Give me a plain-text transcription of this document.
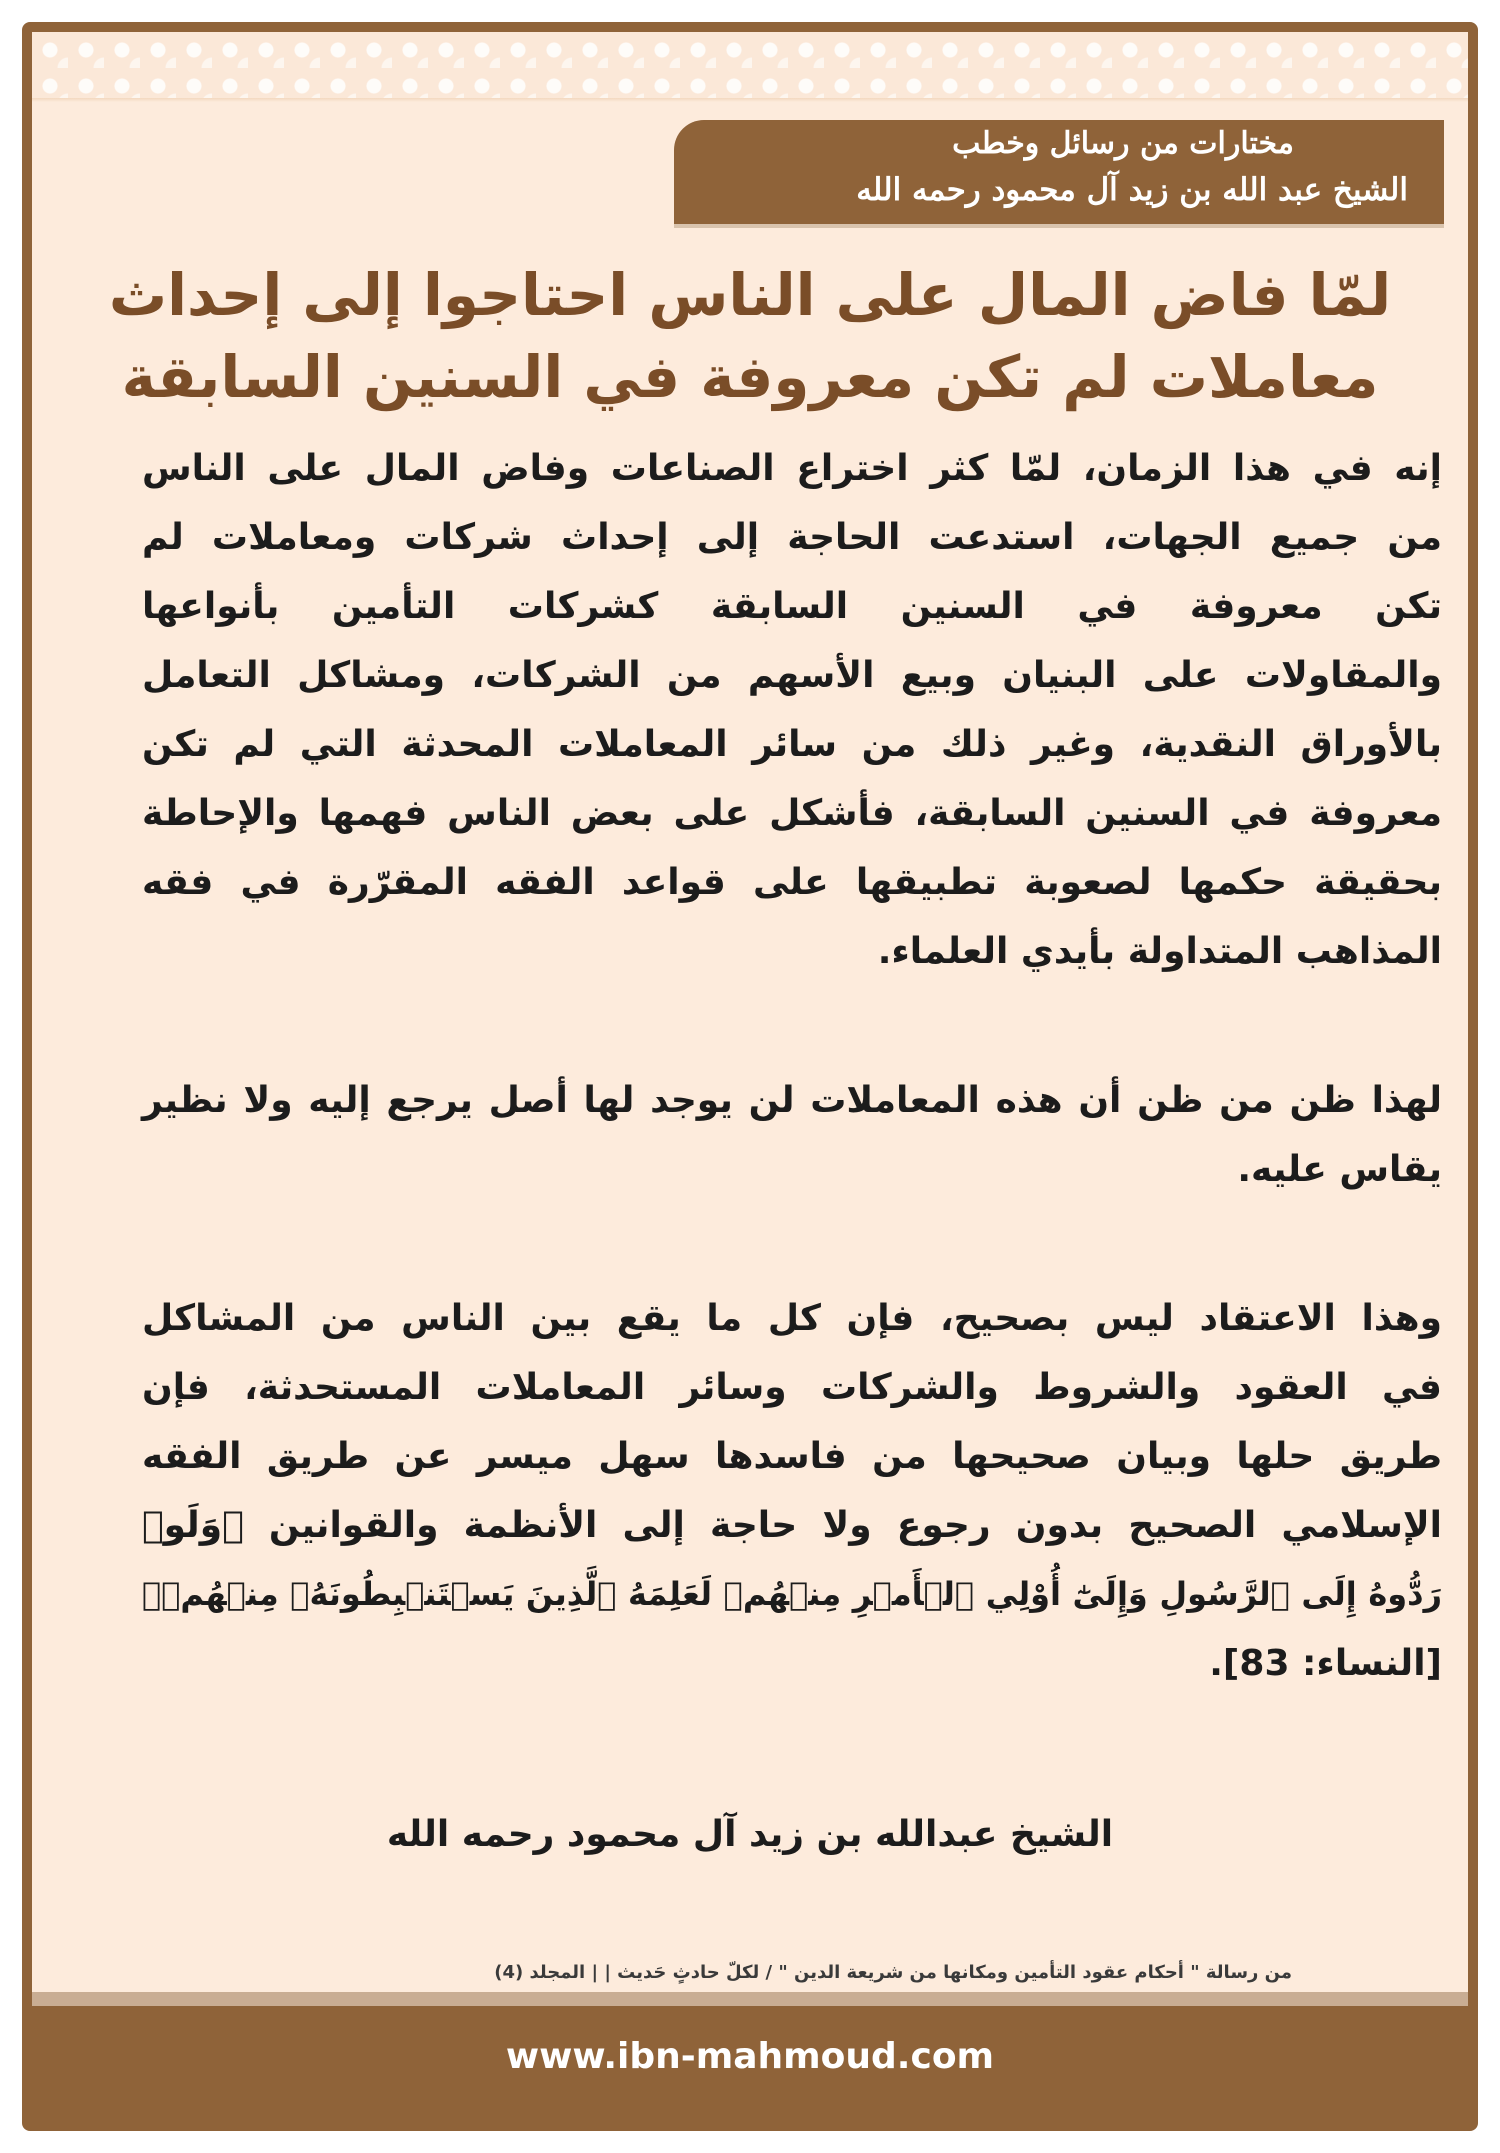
مختارات من رسائل وخطب
الشيخ عبد الله بن زيد آل محمود رحمه الله
لمّا فاض المال على الناس احتاجوا إلى إحداث
معاملات لم تكن معروفة في السنين السابقة
إنه في هذا الزمان، لمّا كثر اختراع الصناعات وفاض المال على الناس
من جميع الجهات، استدعت الحاجة إلى إحداث شركات ومعاملات لم
تكن معروفة في السنين السابقة كشركات التأمين بأنواعها
والمقاولات على البنيان وبيع الأسهم من الشركات، ومشاكل التعامل
بالأوراق النقدية، وغير ذلك من سائر المعاملات المحدثة التي لم تكن
معروفة في السنين السابقة، فأشكل على بعض الناس فهمها والإحاطة
بحقيقة حكمها لصعوبة تطبيقها على قواعد الفقه المقرّرة في فقه
المذاهب المتداولة بأيدي العلماء.
لهذا ظن من ظن أن هذه المعاملات لن يوجد لها أصل يرجع إليه ولا نظير
يقاس عليه.
وهذا الاعتقاد ليس بصحيح، فإن كل ما يقع بين الناس من المشاكل
في العقود والشروط والشركات وسائر المعاملات المستحدثة، فإن
طريق حلها وبيان صحيحها من فاسدها سهل ميسر عن طريق الفقه
الإسلامي الصحيح بدون رجوع ولا حاجة إلى الأنظمة والقوانين ﴿وَلَوۡ
رَدُّوهُ إِلَى ٱلرَّسُولِ وَإِلَىٰٓ أُوْلِي ٱلۡأَمۡرِ مِنۡهُمۡ لَعَلِمَهُ ٱلَّذِينَ يَسۡتَنۢبِطُونَهُۥ مِنۡهُمۡ﴾
[النساء: 83].
الشيخ عبدالله بن زيد آل محمود رحمه الله
من رسالة " أحكام عقود التأمين ومكانها من شريعة الدين " / لكلّ حادثٍ حَديث | | المجلد (4)
www.ibn-mahmoud.com
